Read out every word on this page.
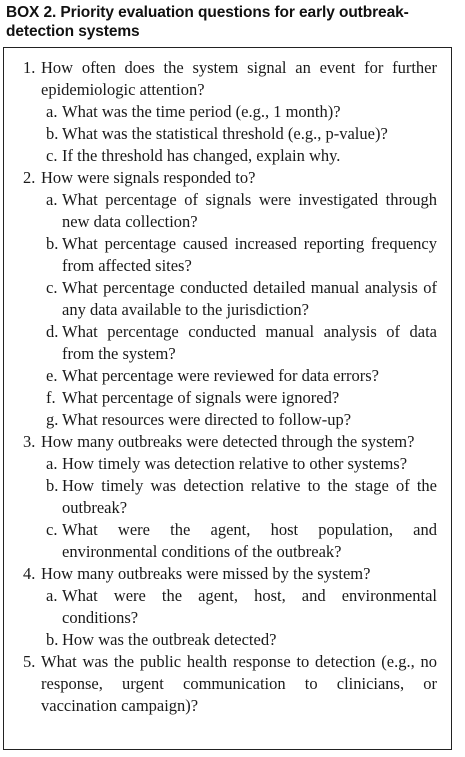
BOX 2. Priority evaluation questions for early outbreak-detection systems
1. How often does the system signal an event for further epidemiologic attention?
a. What was the time period (e.g., 1 month)?
b. What was the statistical threshold (e.g., p-value)?
c. If the threshold has changed, explain why.
2. How were signals responded to?
a. What percentage of signals were investigated through new data collection?
b. What percentage caused increased reporting frequency from affected sites?
c. What percentage conducted detailed manual analysis of any data available to the jurisdiction?
d. What percentage conducted manual analysis of data from the system?
e. What percentage were reviewed for data errors?
f. What percentage of signals were ignored?
g. What resources were directed to follow-up?
3. How many outbreaks were detected through the system?
a. How timely was detection relative to other systems?
b. How timely was detection relative to the stage of the outbreak?
c. What were the agent, host population, and environmental conditions of the outbreak?
4. How many outbreaks were missed by the system?
a. What were the agent, host, and environmental conditions?
b. How was the outbreak detected?
5. What was the public health response to detection (e.g., no response, urgent communication to clinicians, or vaccination campaign)?
